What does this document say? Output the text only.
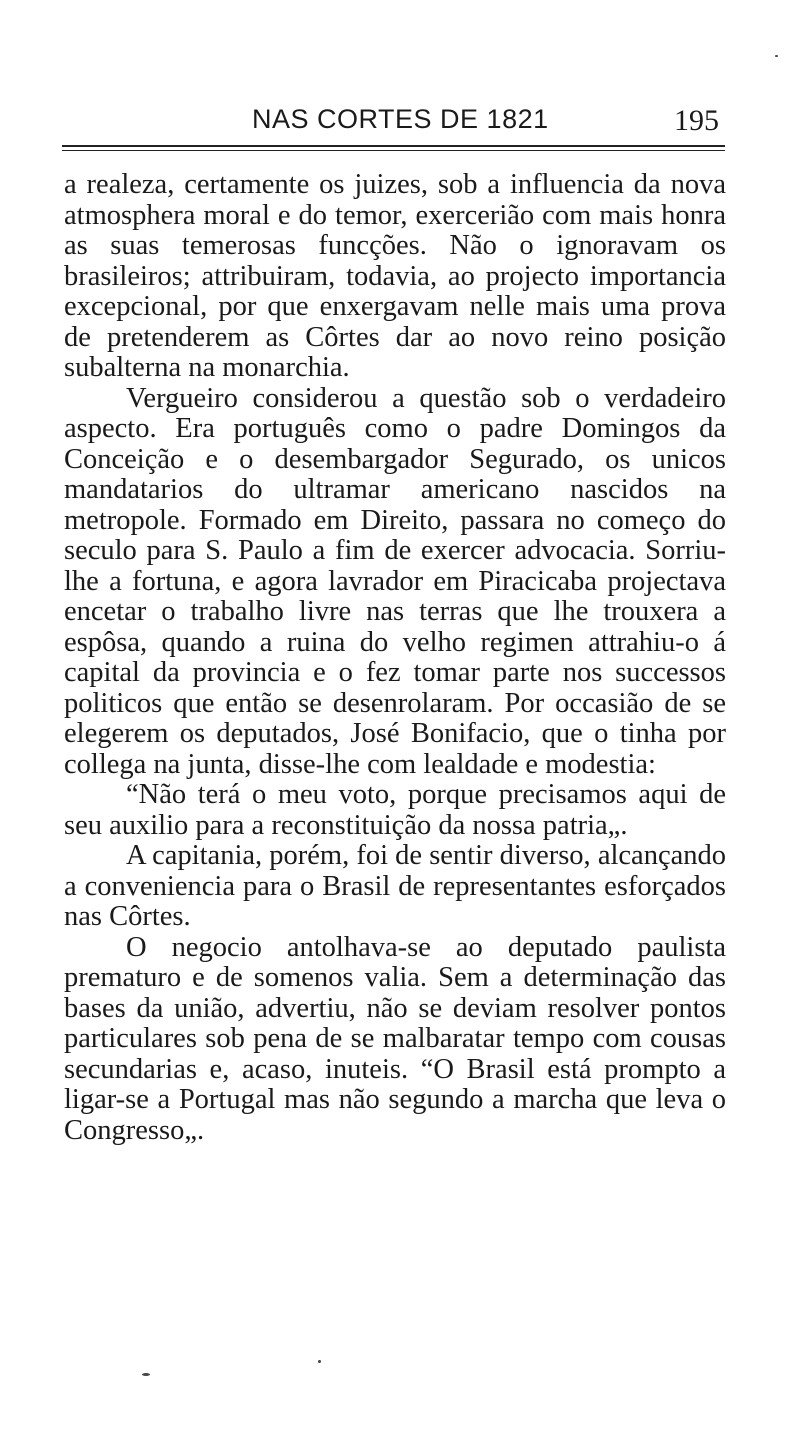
NAS CORTES DE 1821	195

a realeza, certamente os juizes, sob a influencia da nova atmosphera moral e do temor, exercerião com mais honra as suas temerosas funcções. Não o ignoravam os brasileiros; attribuiram, todavia, ao projecto importancia excepcional, por que enxergavam nelle mais uma prova de pretenderem as Côrtes dar ao novo reino posição subalterna na monarchia.

Vergueiro considerou a questão sob o verdadeiro aspecto. Era português como o padre Domingos da Conceição e o desembargador Segurado, os unicos mandatarios do ultramar americano nascidos na metropole. Formado em Direito, passara no começo do seculo para S. Paulo a fim de exercer advocacia. Sorriu-lhe a fortuna, e agora lavrador em Piracicaba projectava encetar o trabalho livre nas terras que lhe trouxera a espôsa, quando a ruina do velho regimen attrahiu-o á capital da provincia e o fez tomar parte nos successos politicos que então se desenrolaram. Por occasião de se elegerem os deputados, José Bonifacio, que o tinha por collega na junta, disse-lhe com lealdade e modestia:

“Não terá o meu voto, porque precisamos aqui de seu auxilio para a reconstituição da nossa patria„.

A capitania, porém, foi de sentir diverso, alcançando a conveniencia para o Brasil de representantes esforçados nas Côrtes.

O negocio antolhava-se ao deputado paulista prematuro e de somenos valia. Sem a determinação das bases da união, advertiu, não se deviam resolver pontos particulares sob pena de se malbaratar tempo com cousas secundarias e, acaso, inuteis. “O Brasil está prompto a ligar-se a Portugal mas não segundo a marcha que leva o Congresso„.
